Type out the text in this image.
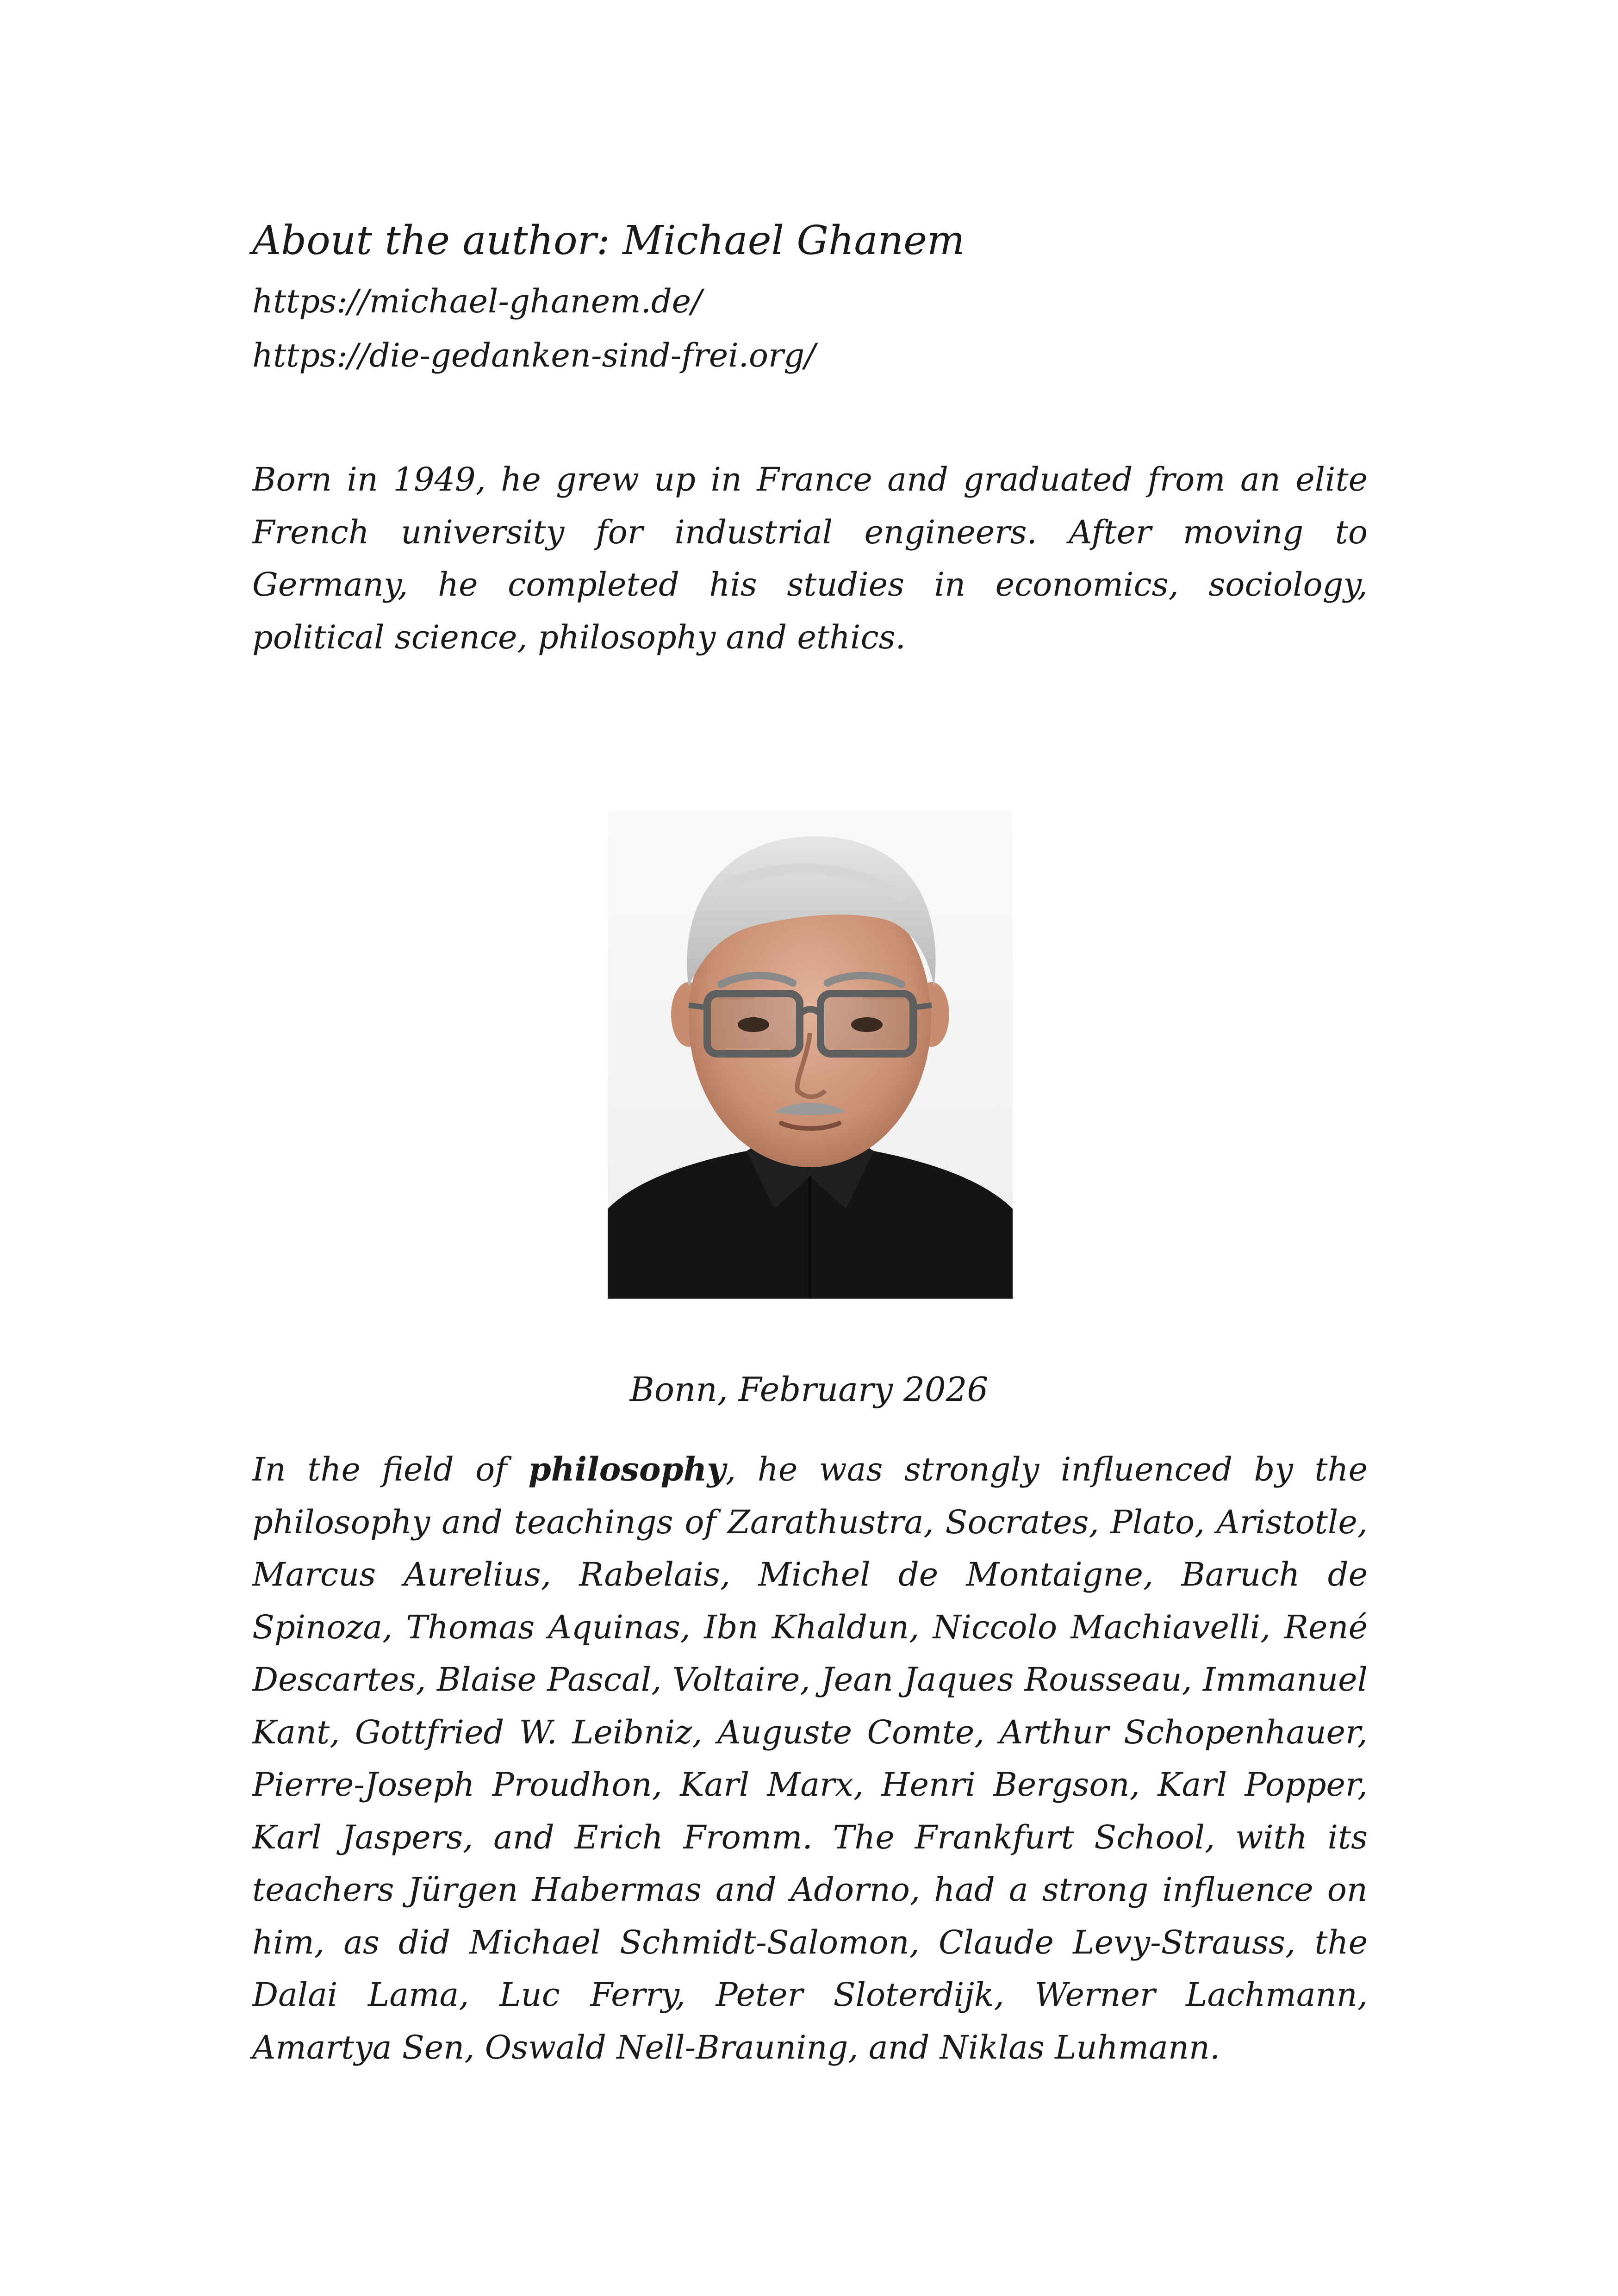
About the author: Michael Ghanem
https://michael-ghanem.de/
https://die-gedanken-sind-frei.org/

Born in 1949, he grew up in France and graduated from an elite French university for industrial engineers. After moving to Germany, he completed his studies in economics, sociology, political science, philosophy and ethics.

Bonn, February 2026

In the field of philosophy, he was strongly influenced by the philosophy and teachings of Zarathustra, Socrates, Plato, Aristotle, Marcus Aurelius, Rabelais, Michel de Montaigne, Baruch de Spinoza, Thomas Aquinas, Ibn Khaldun, Niccolo Machiavelli, René Descartes, Blaise Pascal, Voltaire, Jean Jaques Rousseau, Immanuel Kant, Gottfried W. Leibniz, Auguste Comte, Arthur Schopenhauer, Pierre-Joseph Proudhon, Karl Marx, Henri Bergson, Karl Popper, Karl Jaspers, and Erich Fromm. The Frankfurt School, with its teachers Jürgen Habermas and Adorno, had a strong influence on him, as did Michael Schmidt-Salomon, Claude Levy-Strauss, the Dalai Lama, Luc Ferry, Peter Sloterdijk, Werner Lachmann, Amartya Sen, Oswald Nell-Brauning, and Niklas Luhmann.
